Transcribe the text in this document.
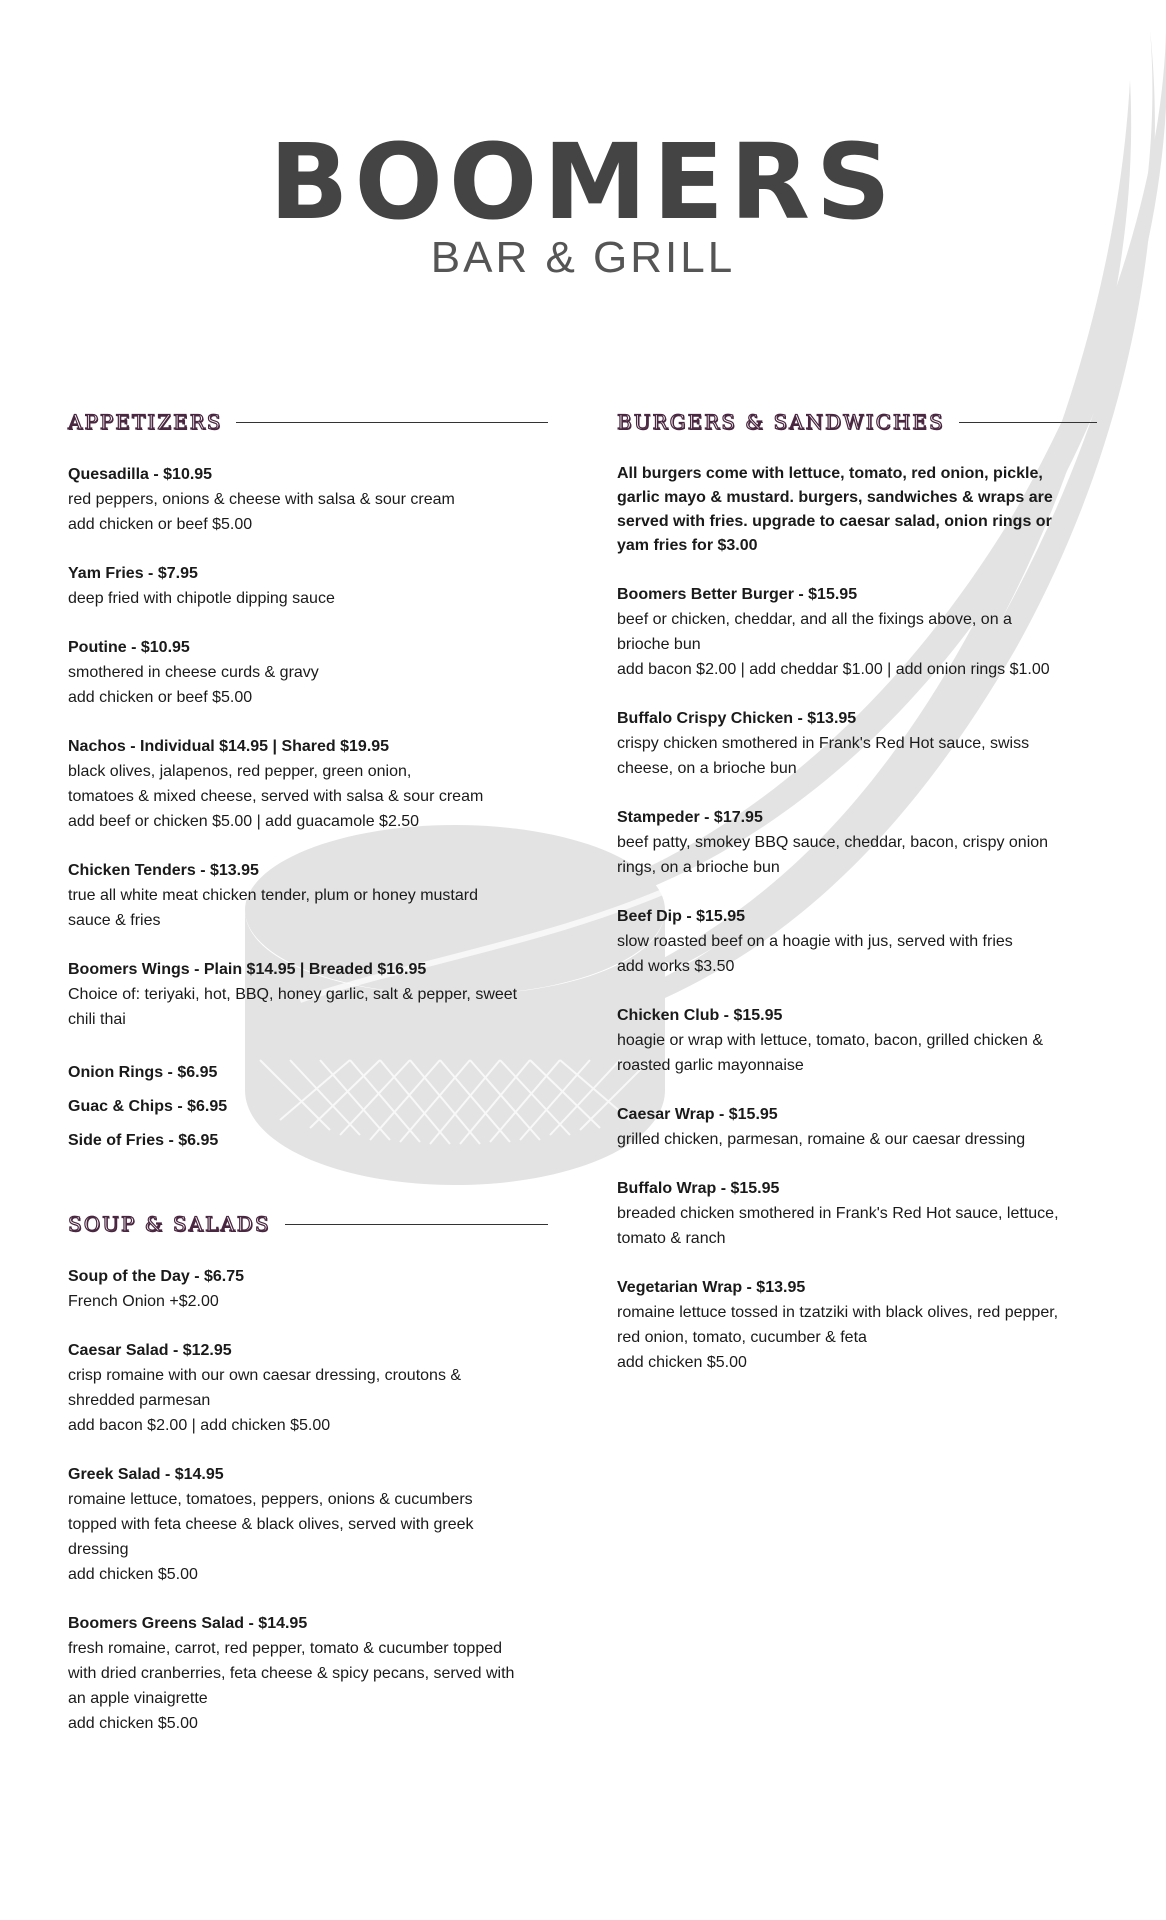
BOOMERS
BAR & GRILL
APPETIZERS
Quesadilla - $10.95
red peppers, onions & cheese with salsa & sour cream
add chicken or beef $5.00
Yam Fries - $7.95
deep fried with chipotle dipping sauce
Poutine - $10.95
smothered in cheese curds & gravy
add chicken or beef $5.00
Nachos - Individual $14.95 | Shared $19.95
black olives, jalapenos, red pepper, green onion,
tomatoes & mixed cheese, served with salsa & sour cream
add beef or chicken $5.00 | add guacamole $2.50
Chicken Tenders - $13.95
true all white meat chicken tender, plum or honey mustard
sauce & fries
Boomers Wings - Plain $14.95 | Breaded $16.95
Choice of: teriyaki, hot, BBQ, honey garlic, salt & pepper, sweet
chili thai
Onion Rings - $6.95
Guac & Chips - $6.95
Side of Fries - $6.95
SOUP & SALADS
Soup of the Day - $6.75
French Onion +$2.00
Caesar Salad - $12.95
crisp romaine with our own caesar dressing, croutons &
shredded parmesan
add bacon $2.00 | add chicken $5.00
Greek Salad - $14.95
romaine lettuce, tomatoes, peppers, onions & cucumbers
topped with feta cheese & black olives, served with greek
dressing
add chicken $5.00
Boomers Greens Salad - $14.95
fresh romaine, carrot, red pepper, tomato & cucumber topped
with dried cranberries, feta cheese & spicy pecans, served with
an apple vinaigrette
add chicken $5.00
BURGERS & SANDWICHES
All burgers come with lettuce, tomato, red onion, pickle,
garlic mayo & mustard. burgers, sandwiches & wraps are
served with fries. upgrade to caesar salad, onion rings or
yam fries for $3.00
Boomers Better Burger - $15.95
beef or chicken, cheddar, and all the fixings above, on a
brioche bun
add bacon $2.00 | add cheddar $1.00 | add onion rings $1.00
Buffalo Crispy Chicken - $13.95
crispy chicken smothered in Frank's Red Hot sauce, swiss
cheese, on a brioche bun
Stampeder - $17.95
beef patty, smokey BBQ sauce, cheddar, bacon, crispy onion
rings, on a brioche bun
Beef Dip - $15.95
slow roasted beef on a hoagie with jus, served with fries
add works $3.50
Chicken Club - $15.95
hoagie or wrap with lettuce, tomato, bacon, grilled chicken &
roasted garlic mayonnaise
Caesar Wrap - $15.95
grilled chicken, parmesan, romaine & our caesar dressing
Buffalo Wrap - $15.95
breaded chicken smothered in Frank's Red Hot sauce, lettuce,
tomato & ranch
Vegetarian Wrap - $13.95
romaine lettuce tossed in tzatziki with black olives, red pepper,
red onion, tomato, cucumber & feta
add chicken $5.00
